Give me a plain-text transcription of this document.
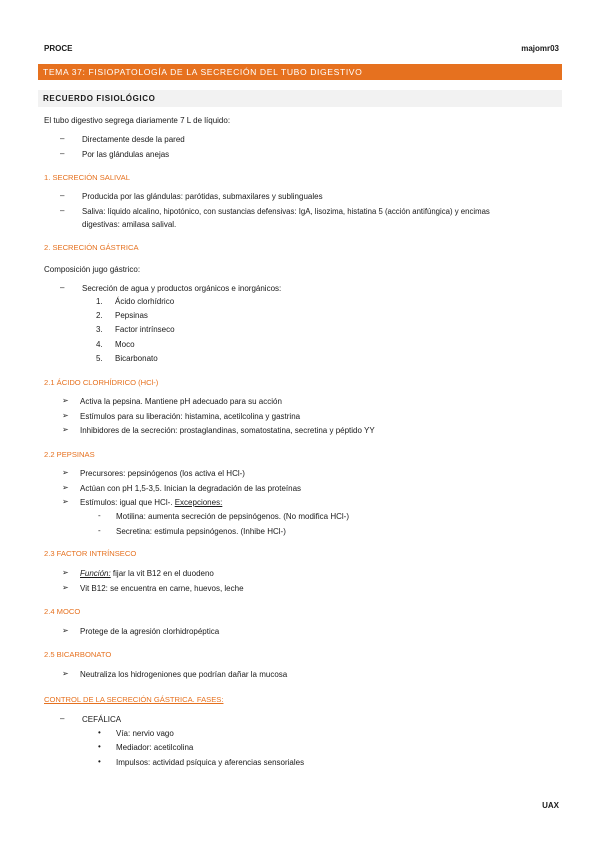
PROCE	majomr03
TEMA 37: FISIOPATOLOGÍA DE LA SECRECIÓN DEL TUBO DIGESTIVO
RECUERDO FISIOLÓGICO
El tubo digestivo segrega diariamente 7 L de líquido:
– Directamente desde la pared
– Por las glándulas anejas
1. SECRECIÓN SALIVAL
– Producida por las glándulas: parótidas, submaxilares y sublinguales
– Saliva: líquido alcalino, hipotónico, con sustancias defensivas: IgA, lisozima, histatina 5 (acción antifúngica) y encimas
digestivas: amilasa salival.
2. SECRECIÓN GÁSTRICA
Composición jugo gástrico:
– Secreción de agua y productos orgánicos e inorgánicos:
1. Ácido clorhídrico
2. Pepsinas
3. Factor intrínseco
4. Moco
5. Bicarbonato
2.1 ÁCIDO CLORHÍDRICO (HCl-)
➢ Activa la pepsina. Mantiene pH adecuado para su acción
➢ Estímulos para su liberación: histamina, acetilcolina y gastrina
➢ Inhibidores de la secreción: prostaglandinas, somatostatina, secretina y péptido YY
2.2 PEPSINAS
➢ Precursores: pepsinógenos (los activa el HCl-)
➢ Actúan con pH 1,5-3,5. Inician la degradación de las proteínas
➢ Estímulos: igual que HCl-. Excepciones:
- Motilina: aumenta secreción de pepsinógenos. (No modifica HCl-)
- Secretina: estimula pepsinógenos. (Inhibe HCl-)
2.3 FACTOR INTRÍNSECO
➢ Función: fijar la vit B12 en el duodeno
➢ Vit B12: se encuentra en carne, huevos, leche
2.4 MOCO
➢ Protege de la agresión clorhidropéptica
2.5 BICARBONATO
➢ Neutraliza los hidrogeniones que podrían dañar la mucosa
CONTROL DE LA SECRECIÓN GÁSTRICA. FASES:
– CEFÁLICA
• Vía: nervio vago
• Mediador: acetilcolina
• Impulsos: actividad psíquica y aferencias sensoriales
UAX
